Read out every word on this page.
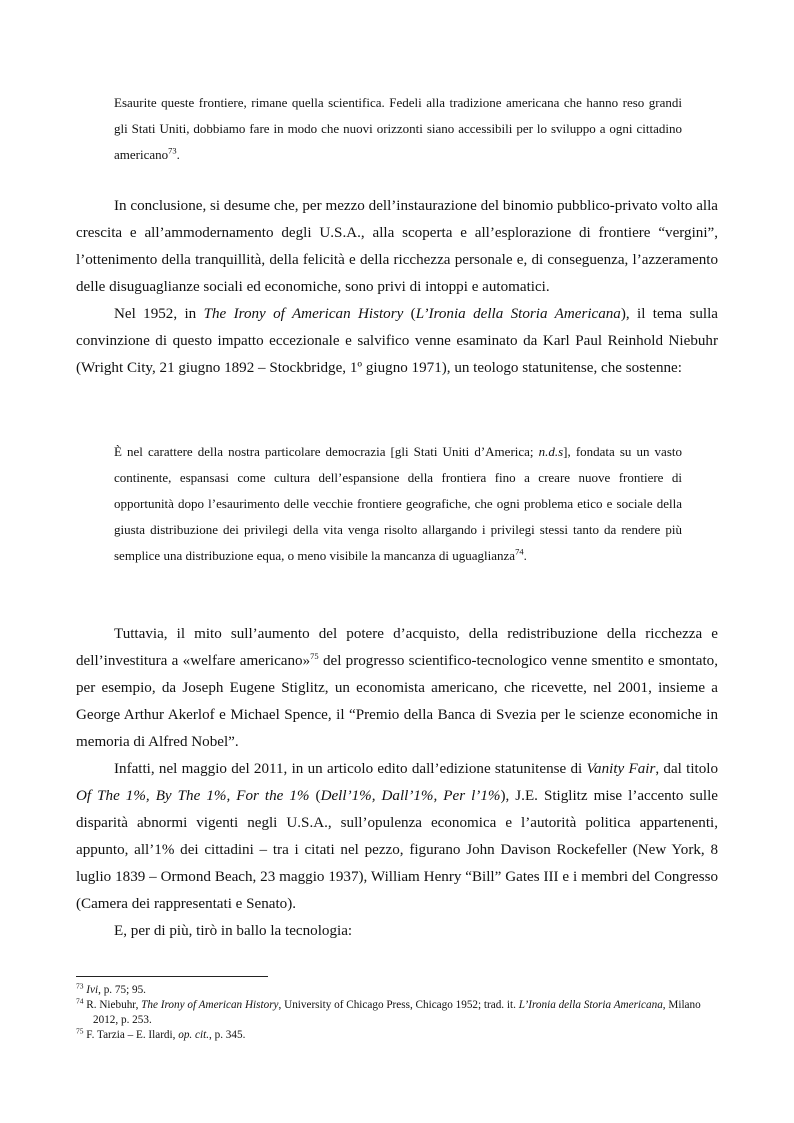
Esaurite queste frontiere, rimane quella scientifica. Fedeli alla tradizione americana che hanno reso grandi gli Stati Uniti, dobbiamo fare in modo che nuovi orizzonti siano accessibili per lo sviluppo a ogni cittadino americano$^{73}$.

In conclusione, si desume che, per mezzo dell’instaurazione del binomio pubblico-privato volto alla crescita e all’ammodernamento degli U.S.A., alla scoperta e all’esplorazione di frontiere “vergini”, l’ottenimento della tranquillità, della felicità e della ricchezza personale e, di conseguenza, l’azzeramento delle disuguaglianze sociali ed economiche, sono privi di intoppi e automatici.

Nel 1952, in The Irony of American History (L’Ironia della Storia Americana), il tema sulla convinzione di questo impatto eccezionale e salvifico venne esaminato da Karl Paul Reinhold Niebuhr (Wright City, 21 giugno 1892 – Stockbridge, 1º giugno 1971), un teologo statunitense, che sostenne:

È nel carattere della nostra particolare democrazia [gli Stati Uniti d’America; n.d.s], fondata su un vasto continente, espansasi come cultura dell’espansione della frontiera fino a creare nuove frontiere di opportunità dopo l’esaurimento delle vecchie frontiere geografiche, che ogni problema etico e sociale della giusta distribuzione dei privilegi della vita venga risolto allargando i privilegi stessi tanto da rendere più semplice una distribuzione equa, o meno visibile la mancanza di uguaglianza$^{74}$.

Tuttavia, il mito sull’aumento del potere d’acquisto, della redistribuzione della ricchezza e dell’investitura a «welfare americano»$^{75}$ del progresso scientifico-tecnologico venne smentito e smontato, per esempio, da Joseph Eugene Stiglitz, un economista americano, che ricevette, nel 2001, insieme a George Arthur Akerlof e Michael Spence, il “Premio della Banca di Svezia per le scienze economiche in memoria di Alfred Nobel”.

Infatti, nel maggio del 2011, in un articolo edito dall’edizione statunitense di Vanity Fair, dal titolo Of The 1%, By The 1%, For the 1% (Dell’1%, Dall’1%, Per l’1%), J.E. Stiglitz mise l’accento sulle disparità abnormi vigenti negli U.S.A., sull’opulenza economica e l’autorità politica appartenenti, appunto, all’1% dei cittadini – tra i citati nel pezzo, figurano John Davison Rockefeller (New York, 8 luglio 1839 – Ormond Beach, 23 maggio 1937), William Henry “Bill” Gates III e i membri del Congresso (Camera dei rappresentati e Senato).

E, per di più, tirò in ballo la tecnologia:

$^{73}$ Ivi, p. 75; 95.

$^{74}$ R. Niebuhr, The Irony of American History, University of Chicago Press, Chicago 1952; trad. it. L’Ironia della Storia Americana, Milano 2012, p. 253.

$^{75}$ F. Tarzia – E. Ilardi, op. cit., p. 345.
